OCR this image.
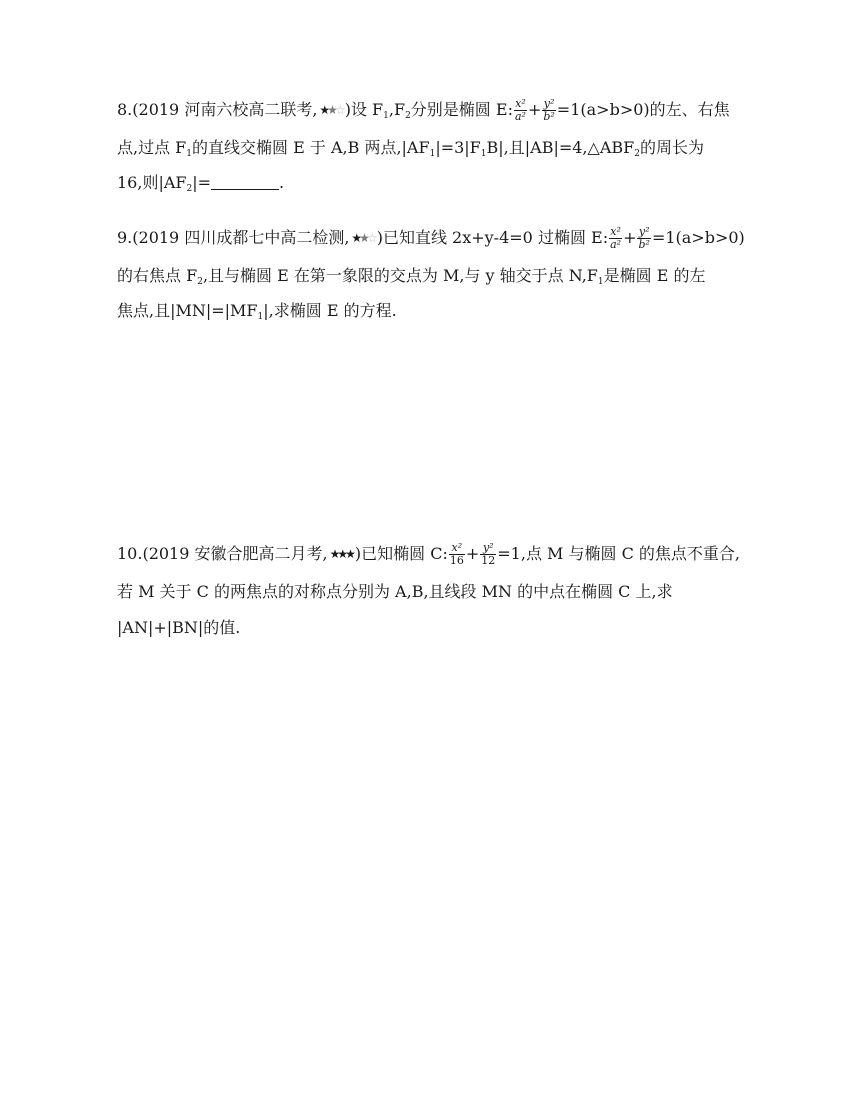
8.(2019 河南六校高二联考, ★★☆ )设 $F_1,F_2$分别是椭圆 E: $\frac{\text{x²}}{\text{a²}} + \frac{\text{y²}}{\text{b²}} =1(a>b>0)$的左、右焦
点,过点 $F_1$的直线交椭圆 E 于 A,B 两点$,|AF_1|=3|F_1B|$,且$|AB|=4,\triangle ABF_2$的周长为
16,则$|AF_2|=$	.
9.(2019 四川成都七中高二检测, ★★☆ )已知直线 2x+y-4=0 过椭圆 E: $\frac{\text{x²}}{\text{a²}} + \frac{\text{y²}}{\text{b²}} =1(a>b>0)$
的右焦点 $F_2$,且与椭圆 E 在第一象限的交点为 M,与 y 轴交于点 $N,F_1$是椭圆 E 的左
焦点,且$|MN|=|MF_1|$,求椭圆 E 的方程.
10.(2019 安徽合肥高二月考, ★★★ )已知椭圆 C: $\frac{\text{x²}}{16} + \frac{\text{y²}}{12} =1$,点 M 与椭圆 C 的焦点不重合,
若 M 关于 C 的两焦点的对称点分别为 A,B,且线段 MN 的中点在椭圆 C 上,求
|AN|+|BN|的值.
